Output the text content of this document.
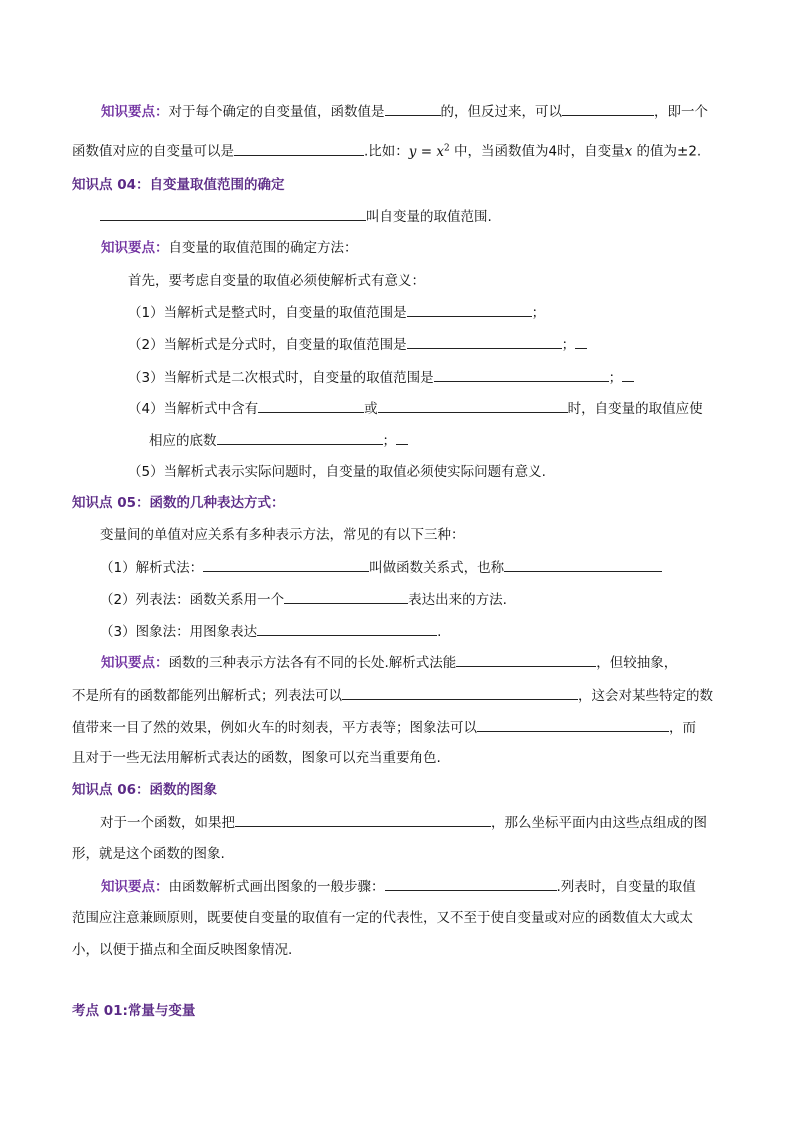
知识要点：对于每个确定的自变量值，函数值是	的，但反过来，可以	，即一个
函数值对应的自变量可以是	.比如：$y = x^2$ 中，当函数值为4时，自变量x 的值为±2.
知识点 04：自变量取值范围的确定
叫自变量的取值范围.
知识要点：自变量的取值范围的确定方法：
首先，要考虑自变量的取值必须使解析式有意义：
（1）当解析式是整式时，自变量的取值范围是	；
（2）当解析式是分式时，自变量的取值范围是	；
（3）当解析式是二次根式时，自变量的取值范围是	；
（4）当解析式中含有	或	时，自变量的取值应使
相应的底数	；
（5）当解析式表示实际问题时，自变量的取值必须使实际问题有意义.
知识点 05：函数的几种表达方式：
变量间的单值对应关系有多种表示方法，常见的有以下三种：
（1）解析式法：	叫做函数关系式，也称
（2）列表法：函数关系用一个	表达出来的方法.
（3）图象法：用图象表达	.
知识要点：函数的三种表示方法各有不同的长处.解析式法能	，但较抽象，
不是所有的函数都能列出解析式；列表法可以	，这会对某些特定的数
值带来一目了然的效果，例如火车的时刻表，平方表等；图象法可以	，而
且对于一些无法用解析式表达的函数，图象可以充当重要角色.
知识点 06：函数的图象
对于一个函数，如果把	，那么坐标平面内由这些点组成的图
形，就是这个函数的图象.
知识要点：由函数解析式画出图象的一般步骤：	.列表时，自变量的取值
范围应注意兼顾原则，既要使自变量的取值有一定的代表性，又不至于使自变量或对应的函数值太大或太
小，以便于描点和全面反映图象情况.
考点 01:常量与变量
